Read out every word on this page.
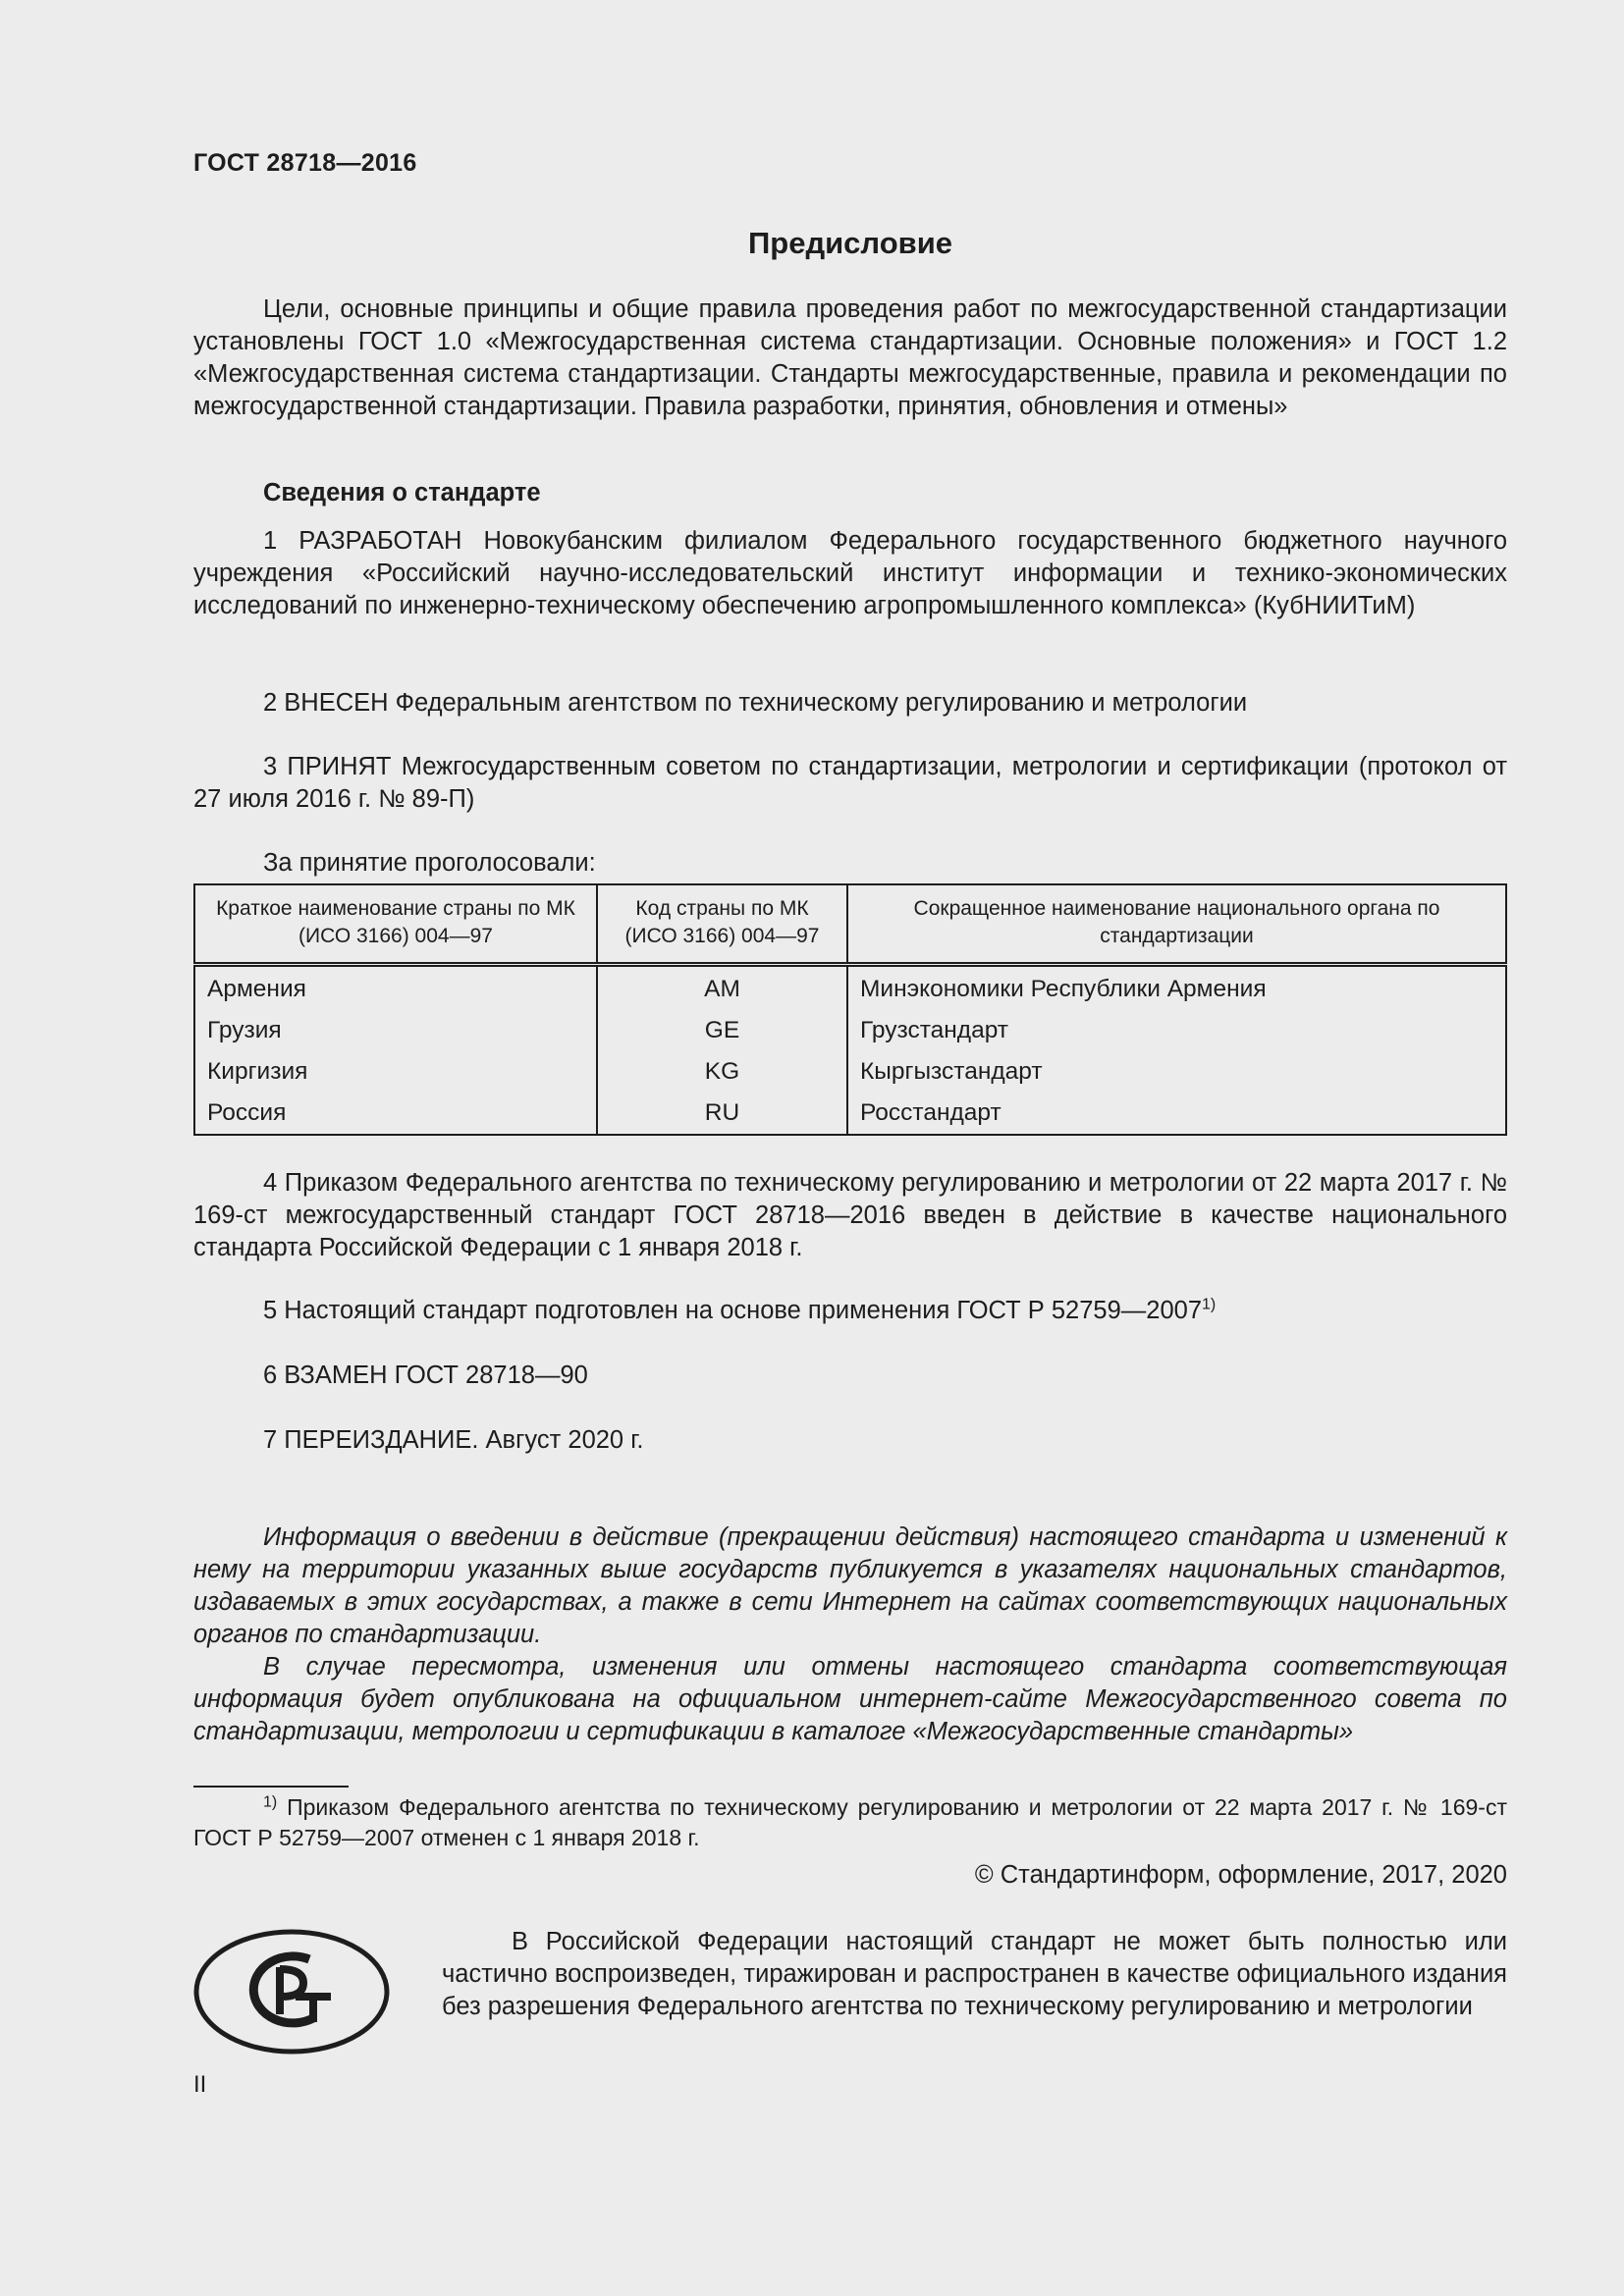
ГОСТ 28718—2016
Предисловие

Цели, основные принципы и общие правила проведения работ по межгосударственной стандартизации установлены ГОСТ 1.0 «Межгосударственная система стандартизации. Основные положения» и ГОСТ 1.2 «Межгосударственная система стандартизации. Стандарты межгосударственные, правила и рекомендации по межгосударственной стандартизации. Правила разработки, принятия, обновления и отмены»

Сведения о стандарте

1 РАЗРАБОТАН Новокубанским филиалом Федерального государственного бюджетного научного учреждения «Российский научно-исследовательский институт информации и технико-экономических исследований по инженерно-техническому обеспечению агропромышленного комплекса» (КубНИИТиМ)

2 ВНЕСЕН Федеральным агентством по техническому регулированию и метрологии

3 ПРИНЯТ Межгосударственным советом по стандартизации, метрологии и сертификации (протокол от 27 июля 2016 г. № 89-П)

За принятие проголосовали:

Краткое наименование страны по МК (ИСО 3166) 004—97	Код страны по МК (ИСО 3166) 004—97	Сокращенное наименование национального органа по стандартизации
Армения	AM	Минэкономики Республики Армения
Грузия	GE	Грузстандарт
Киргизия	KG	Кыргызстандарт
Россия	RU	Росстандарт

4 Приказом Федерального агентства по техническому регулированию и метрологии от 22 марта 2017 г. № 169-ст межгосударственный стандарт ГОСТ 28718—2016 введен в действие в качестве национального стандарта Российской Федерации с 1 января 2018 г.

5 Настоящий стандарт подготовлен на основе применения ГОСТ Р 52759—2007$^{1)}$

6 ВЗАМЕН ГОСТ 28718—90

7 ПЕРЕИЗДАНИЕ. Август 2020 г.

Информация о введении в действие (прекращении действия) настоящего стандарта и изменений к нему на территории указанных выше государств публикуется в указателях национальных стандартов, издаваемых в этих государствах, а также в сети Интернет на сайтах соответствующих национальных органов по стандартизации.

В случае пересмотра, изменения или отмены настоящего стандарта соответствующая информация будет опубликована на официальном интернет-сайте Межгосударственного совета по стандартизации, метрологии и сертификации в каталоге «Межгосударственные стандарты»

$^{1)}$ Приказом Федерального агентства по техническому регулированию и метрологии от 22 марта 2017 г. № 169-ст ГОСТ Р 52759—2007 отменен с 1 января 2018 г.

© Стандартинформ, оформление, 2017, 2020

В Российской Федерации настоящий стандарт не может быть полностью или частично воспроизведен, тиражирован и распространен в качестве официального издания без разрешения Федерального агентства по техническому регулированию и метрологии

II
